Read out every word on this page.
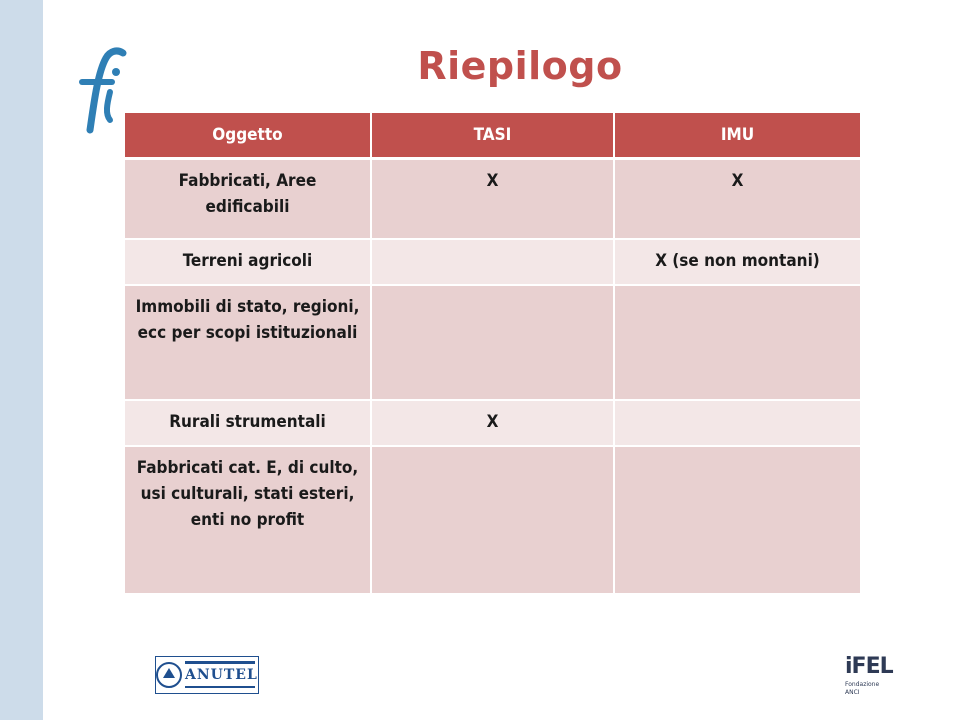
Riepilogo
Oggetto	TASI	IMU
Fabbricati, Aree edificabili	X	X
Terreni agricoli		X (se non montani)
Immobili di stato, regioni, ecc per scopi istituzionali		
Rurali strumentali	X	
Fabbricati cat. E, di culto, usi culturali, stati esteri, enti no profit		
ANUTEL	iFEL
Fondazione ANCI
